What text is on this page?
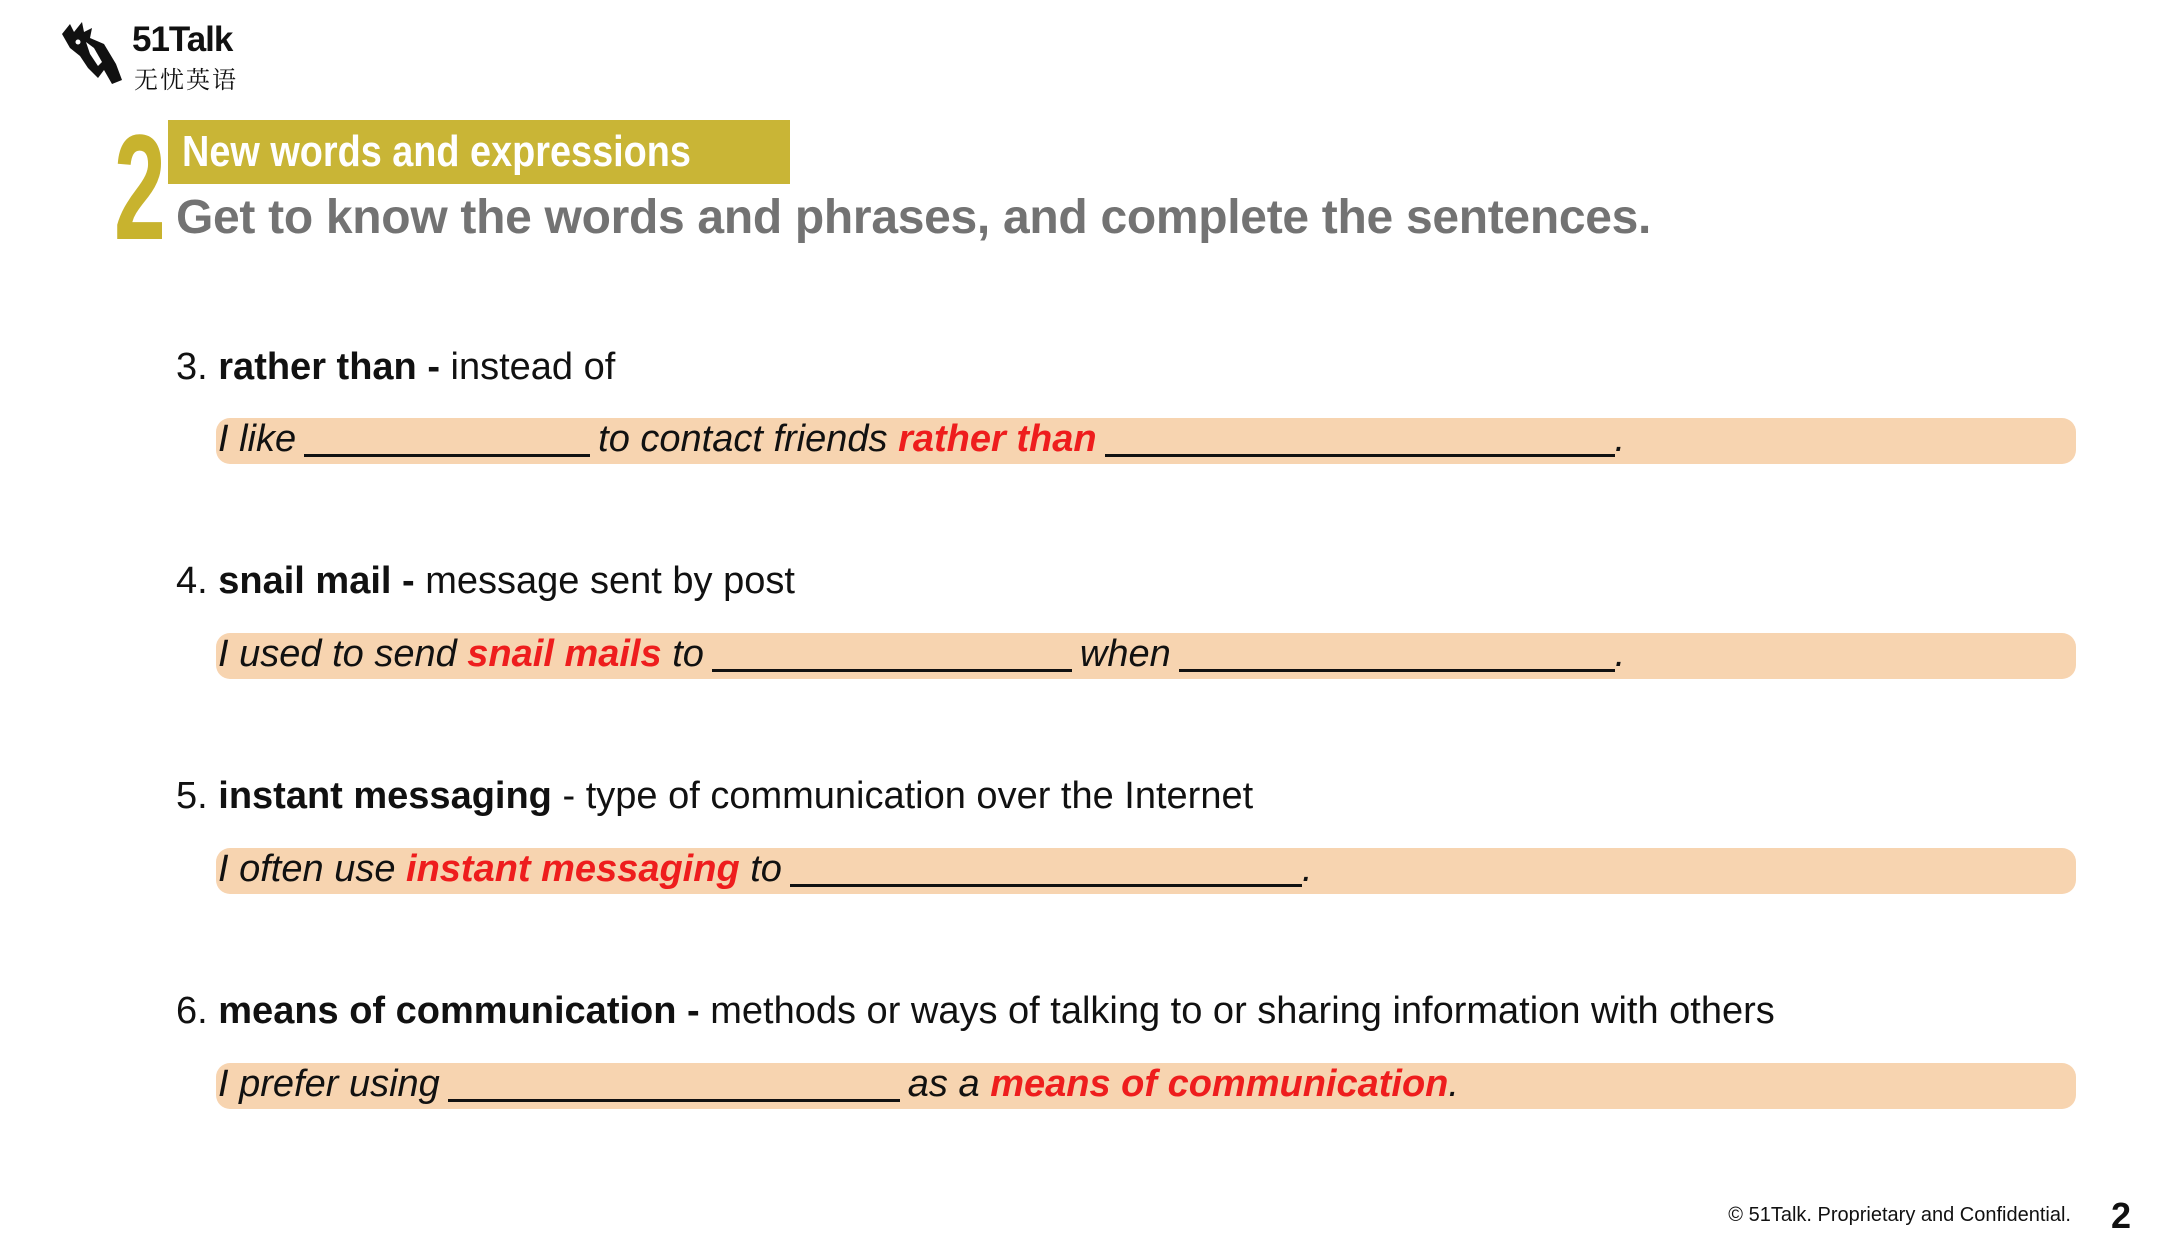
51Talk
无忧英语
2 New words and expressions
Get to know the words and phrases, and complete the sentences.
3. rather than - instead of
I like	to contact friends rather than	.
4. snail mail - message sent by post
I used to send snail mails to	when	.
5. instant messaging - type of communication over the Internet
I often use instant messaging to	.
6. means of communication - methods or ways of talking to or sharing information with others
I prefer using	as a means of communication.
© 51Talk. Proprietary and Confidential. 2
